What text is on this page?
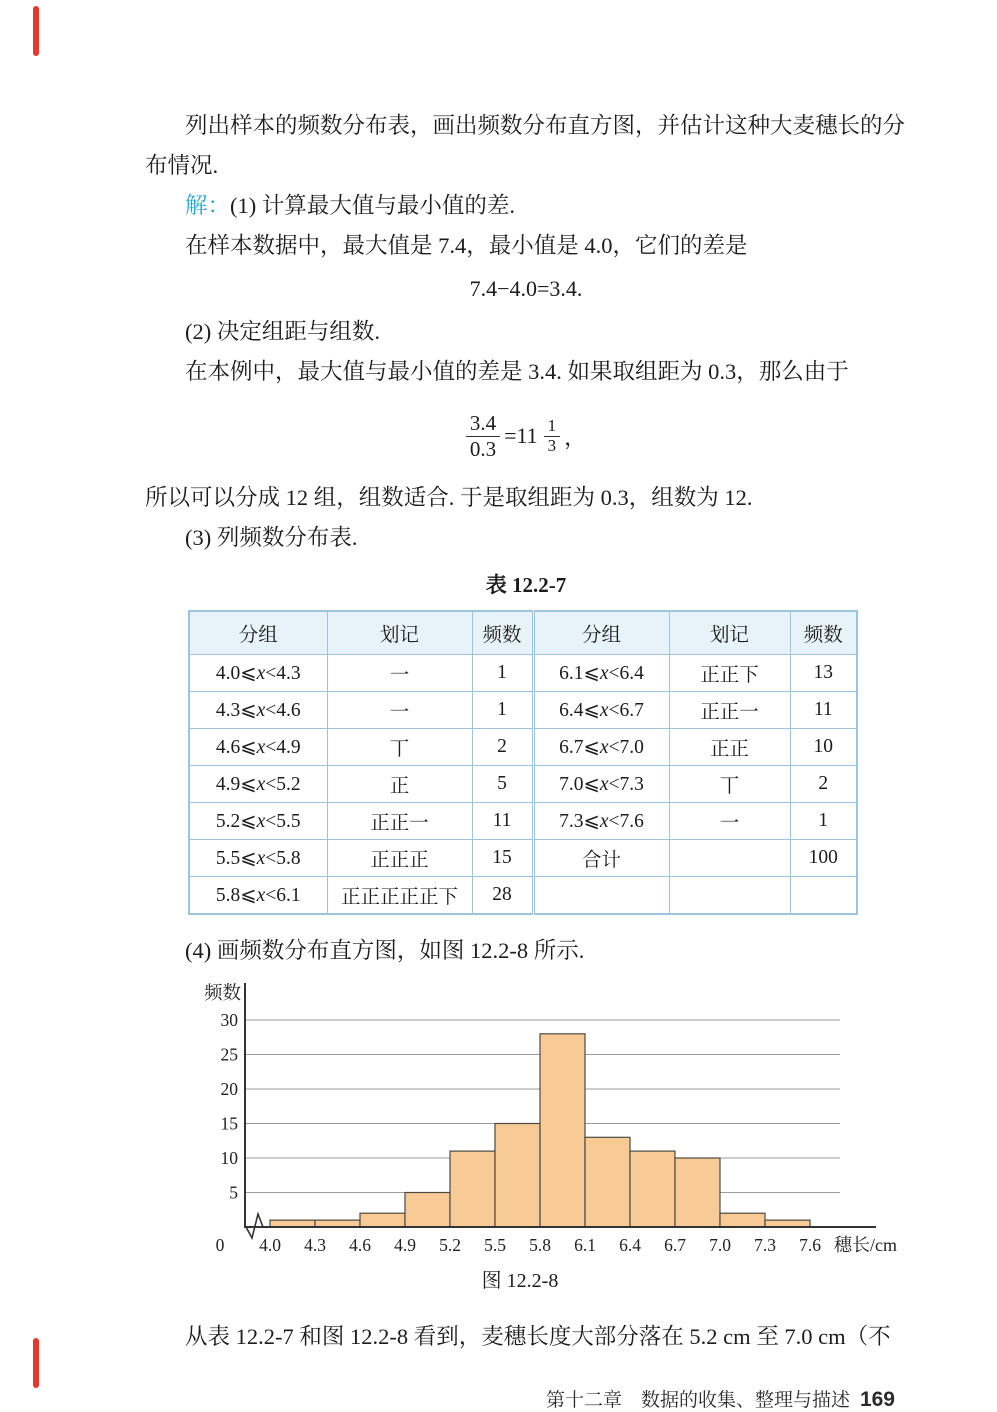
列出样本的频数分布表，画出频数分布直方图，并估计这种大麦穗长的分
布情况.
解：(1) 计算最大值与最小值的差.
在样本数据中，最大值是 7.4，最小值是 4.0，它们的差是
7.4−4.0=3.4.
(2) 决定组距与组数.
在本例中，最大值与最小值的差是 3.4. 如果取组距为 0.3，那么由于
$\frac{3.4}{0.3} =11 \frac{1}{3}$ ，
所以可以分成 12 组，组数适合. 于是取组距为 0.3，组数为 12.
(3) 列频数分布表.
表 12.2-7
分组	划记	频数	分组	划记	频数
4.0⩽x<4.3	一	1	6.1⩽x<6.4	正正下	13
4.3⩽x<4.6	一	1	6.4⩽x<6.7	正正一	11
4.6⩽x<4.9	丅	2	6.7⩽x<7.0	正正	10
4.9⩽x<5.2	正	5	7.0⩽x<7.3	丅	2
5.2⩽x<5.5	正正一	11	7.3⩽x<7.6	一	1
5.5⩽x<5.8	正正正	15	合计		100
5.8⩽x<6.1	正正正正正下	28			
(4) 画频数分布直方图，如图 12.2-8 所示.
5
10
15
20
25
30
0 4.0 4.3 4.6 4.9 5.2 5.5 5.8 6.1 6.4 6.7 7.0 7.3 7.6 穗长/cm
频数
图 12.2-8
从表 12.2-7 和图 12.2-8 看到，麦穗长度大部分落在 5.2 cm 至 7.0 cm（不
第十二章　数据的收集、整理与描述 169
